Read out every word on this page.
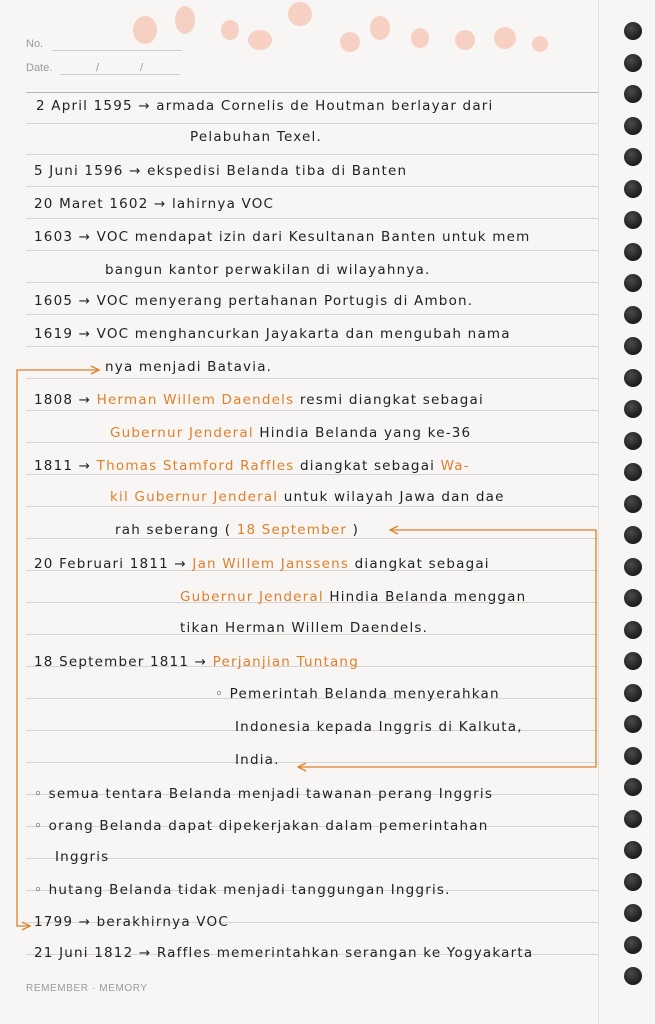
No.
Date.	/	/
2 April 1595 → armada Cornelis de Houtman berlayar dari
Pelabuhan Texel.
5 Juni 1596 → ekspedisi Belanda tiba di Banten
20 Maret 1602 → lahirnya VOC
1603 → VOC mendapat izin dari Kesultanan Banten untuk mem
bangun kantor perwakilan di wilayahnya.
1605 → VOC menyerang pertahanan Portugis di Ambon.
1619 → VOC menghancurkan Jayakarta dan mengubah nama
nya menjadi Batavia.
1808 → Herman Willem Daendels resmi diangkat sebagai
Gubernur Jenderal Hindia Belanda yang ke-36
1811 → Thomas Stamford Raffles diangkat sebagai Wa-
kil Gubernur Jenderal untuk wilayah Jawa dan dae
rah seberang ( 18 September )
20 Februari 1811 → Jan Willem Janssens diangkat sebagai
Gubernur Jenderal Hindia Belanda menggan
tikan Herman Willem Daendels.
18 September 1811 → Perjanjian Tuntang
◦ Pemerintah Belanda menyerahkan
Indonesia kepada Inggris di Kalkuta,
India.
◦ semua tentara Belanda menjadi tawanan perang Inggris
◦ orang Belanda dapat dipekerjakan dalam pemerintahan
Inggris
◦ hutang Belanda tidak menjadi tanggungan Inggris.
1799 → berakhirnya VOC
21 Juni 1812 → Raffles memerintahkan serangan ke Yogyakarta
REMEMBER · MEMORY
